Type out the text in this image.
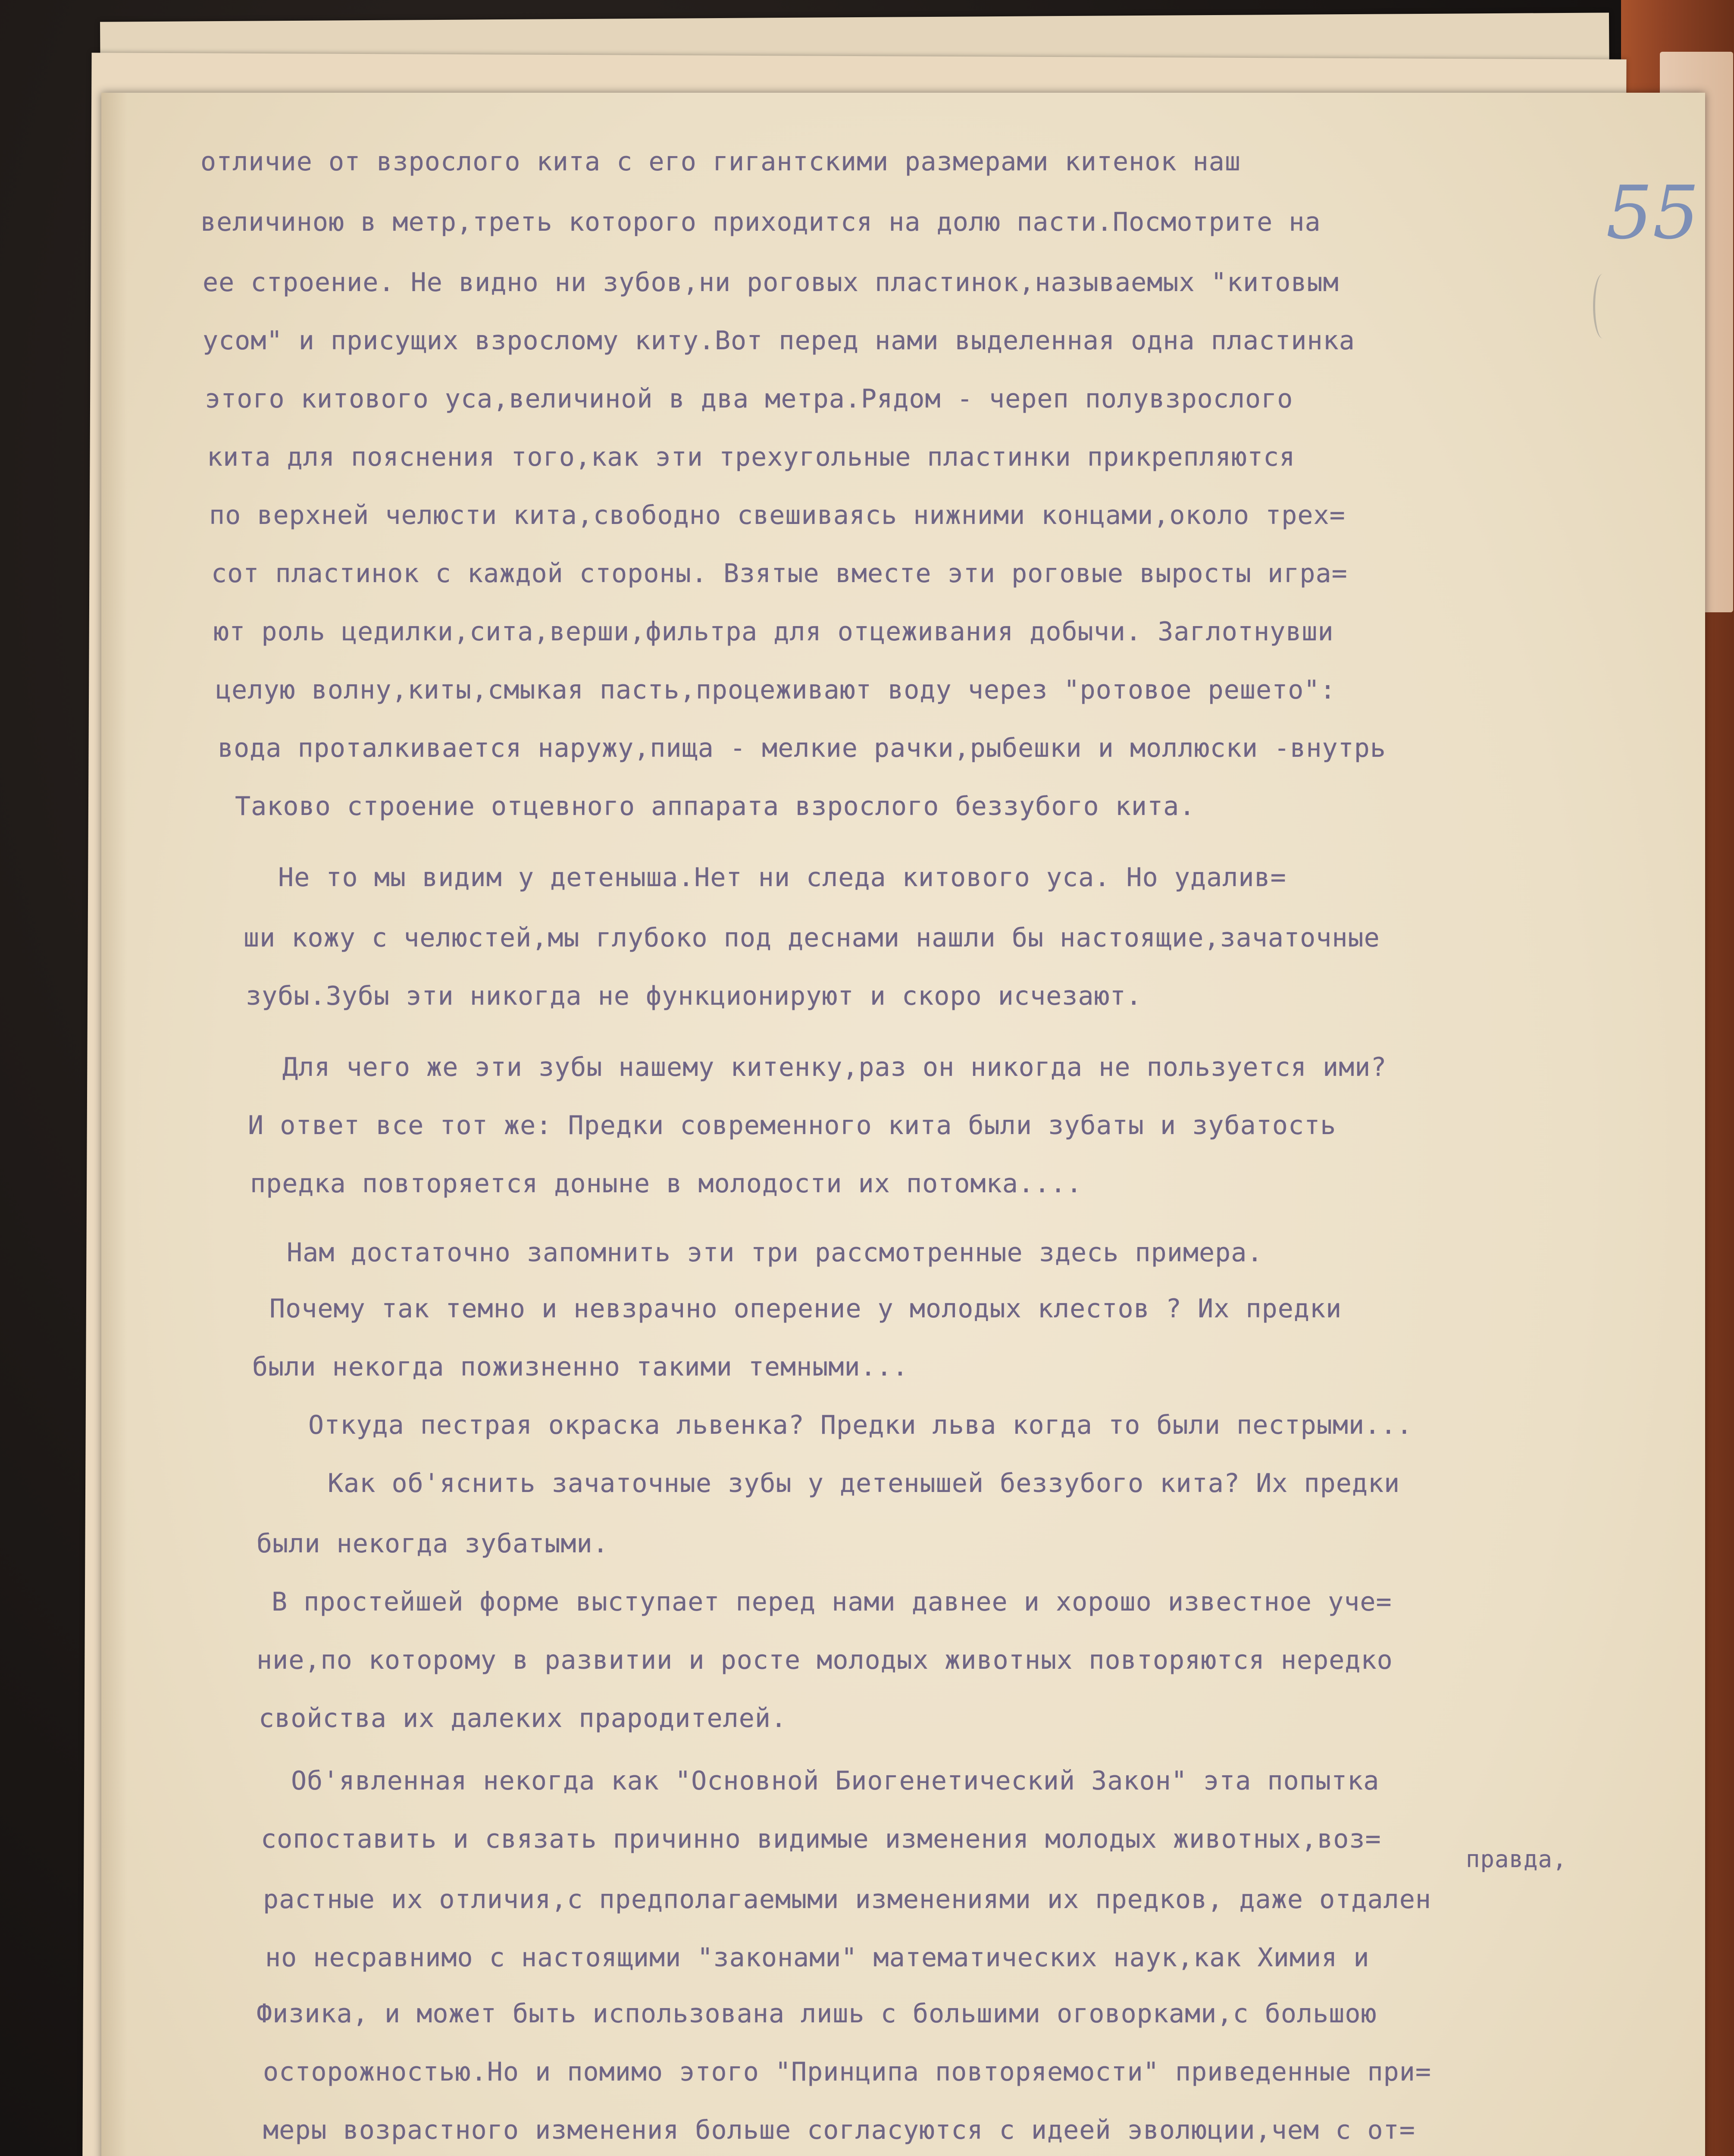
55
отличие от взрослого кита с его гигантскими размерами китенок наш
величиною в метр,треть которого приходится на долю пасти.Посмотрите на
ее строение. Не видно ни зубов,ни роговых пластинок,называемых "китовым
усом" и присущих взрослому киту.Вот перед нами выделенная одна пластинка
этого китового уса,величиной в два метра.Рядом - череп полувзрослого
кита для пояснения того,как эти трехугольные пластинки прикрепляются
по верхней челюсти кита,свободно свешиваясь нижними концами,около трех=
сот пластинок с каждой стороны. Взятые вместе эти роговые выросты игра=
ют роль цедилки,сита,верши,фильтра для отцеживания добычи. Заглотнувши
целую волну,киты,смыкая пасть,процеживают воду через "ротовое решето":
вода проталкивается наружу,пища - мелкие рачки,рыбешки и моллюски -внутрь
Таково строение отцевного аппарата взрослого беззубого кита.
Не то мы видим у детеныша.Нет ни следа китового уса. Но удалив=
ши кожу с челюстей,мы глубоко под деснами нашли бы настоящие,зачаточные
зубы.Зубы эти никогда не функционируют и скоро исчезают.
Для чего же эти зубы нашему китенку,раз он никогда не пользуется ими?
И ответ все тот же: Предки современного кита были зубаты и зубатость
предка повторяется доныне в молодости их потомка....
Нам достаточно запомнить эти три рассмотренные здесь примера.
Почему так темно и невзрачно оперение у молодых клестов ? Их предки
были некогда пожизненно такими темными...
Откуда пестрая окраска львенка? Предки льва когда то были пестрыми...
Как об'яснить зачаточные зубы у детенышей беззубого кита? Их предки
были некогда зубатыми.
В простейшей форме выступает перед нами давнее и хорошо известное уче=
ние,по которому в развитии и росте молодых животных повторяются нередко
свойства их далеких прародителей.
Об'явленная некогда как "Основной Биогенетический Закон" эта попытка
сопоставить и связать причинно видимые изменения молодых животных,воз=
правда,
растные их отличия,с предполагаемыми изменениями их предков, даже отдален
но несравнимо с настоящими "законами" математических наук,как Химия и
Физика, и может быть использована лишь с большими оговорками,с большою
осторожностью.Но и помимо этого "Принципа повторяемости" приведенные при=
меры возрастного изменения больше согласуются с идеей эволюции,чем с от=
